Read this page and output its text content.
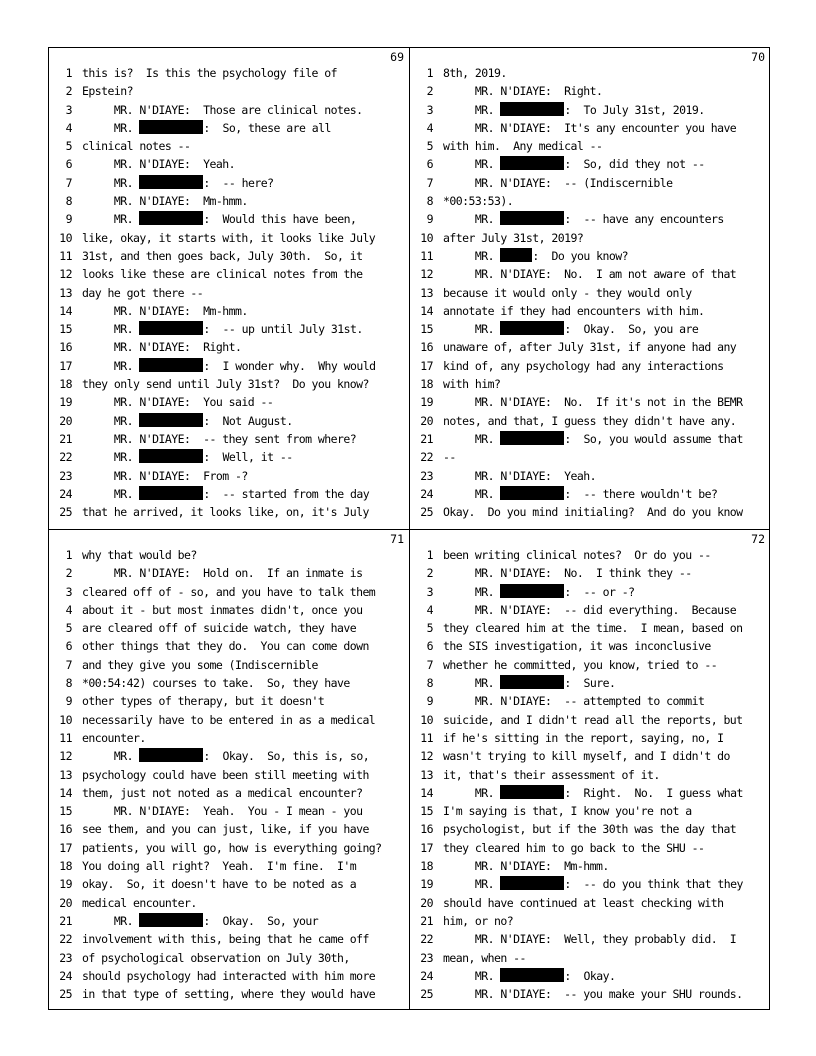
69
1 this is?  Is this the psychology file of
2 Epstein?
3 MR. N'DIAYE:  Those are clinical notes.
4 MR.	:  So, these are all
5 clinical notes --
6 MR. N'DIAYE:  Yeah.
7 MR.	:  -- here?
8 MR. N'DIAYE:  Mm-hmm.
9 MR.	:  Would this have been,
10 like, okay, it starts with, it looks like July
11 31st, and then goes back, July 30th.  So, it
12 looks like these are clinical notes from the
13 day he got there --
14 MR. N'DIAYE:  Mm-hmm.
15 MR.	:  -- up until July 31st.
16 MR. N'DIAYE:  Right.
17 MR.	:  I wonder why.  Why would
18 they only send until July 31st?  Do you know?
19 MR. N'DIAYE:  You said --
20 MR.	:  Not August.
21 MR. N'DIAYE:  -- they sent from where?
22 MR.	:  Well, it --
23 MR. N'DIAYE:  From -?
24 MR.	:  -- started from the day
25 that he arrived, it looks like, on, it's July
70
1 8th, 2019.
2 MR. N'DIAYE:  Right.
3 MR.	:  To July 31st, 2019.
4 MR. N'DIAYE:  It's any encounter you have
5 with him.  Any medical --
6 MR.	:  So, did they not --
7 MR. N'DIAYE:  -- (Indiscernible
8 *00:53:53).
9 MR.	:  -- have any encounters
10 after July 31st, 2019?
11 MR.	:  Do you know?
12 MR. N'DIAYE:  No.  I am not aware of that
13 because it would only - they would only
14 annotate if they had encounters with him.
15 MR.	:  Okay.  So, you are
16 unaware of, after July 31st, if anyone had any
17 kind of, any psychology had any interactions
18 with him?
19 MR. N'DIAYE:  No.  If it's not in the BEMR
20 notes, and that, I guess they didn't have any.
21 MR.	:  So, you would assume that
22 --
23 MR. N'DIAYE:  Yeah.
24 MR.	:  -- there wouldn't be?
25 Okay.  Do you mind initialing?  And do you know
71
1 why that would be?
2 MR. N'DIAYE:  Hold on.  If an inmate is
3 cleared off of - so, and you have to talk them
4 about it - but most inmates didn't, once you
5 are cleared off of suicide watch, they have
6 other things that they do.  You can come down
7 and they give you some (Indiscernible
8 *00:54:42) courses to take.  So, they have
9 other types of therapy, but it doesn't
10 necessarily have to be entered in as a medical
11 encounter.
12 MR.	:  Okay.  So, this is, so,
13 psychology could have been still meeting with
14 them, just not noted as a medical encounter?
15 MR. N'DIAYE:  Yeah.  You - I mean - you
16 see them, and you can just, like, if you have
17 patients, you will go, how is everything going?
18 You doing all right?  Yeah.  I'm fine.  I'm
19 okay.  So, it doesn't have to be noted as a
20 medical encounter.
21 MR.	:  Okay.  So, your
22 involvement with this, being that he came off
23 of psychological observation on July 30th,
24 should psychology had interacted with him more
25 in that type of setting, where they would have
72
1 been writing clinical notes?  Or do you --
2 MR. N'DIAYE:  No.  I think they --
3 MR.	:  -- or -?
4 MR. N'DIAYE:  -- did everything.  Because
5 they cleared him at the time.  I mean, based on
6 the SIS investigation, it was inconclusive
7 whether he committed, you know, tried to --
8 MR.	:  Sure.
9 MR. N'DIAYE:  -- attempted to commit
10 suicide, and I didn't read all the reports, but
11 if he's sitting in the report, saying, no, I
12 wasn't trying to kill myself, and I didn't do
13 it, that's their assessment of it.
14 MR.	:  Right.  No.  I guess what
15 I'm saying is that, I know you're not a
16 psychologist, but if the 30th was the day that
17 they cleared him to go back to the SHU --
18 MR. N'DIAYE:  Mm-hmm.
19 MR.	:  -- do you think that they
20 should have continued at least checking with
21 him, or no?
22 MR. N'DIAYE:  Well, they probably did.  I
23 mean, when --
24 MR.	:  Okay.
25 MR. N'DIAYE:  -- you make your SHU rounds.
